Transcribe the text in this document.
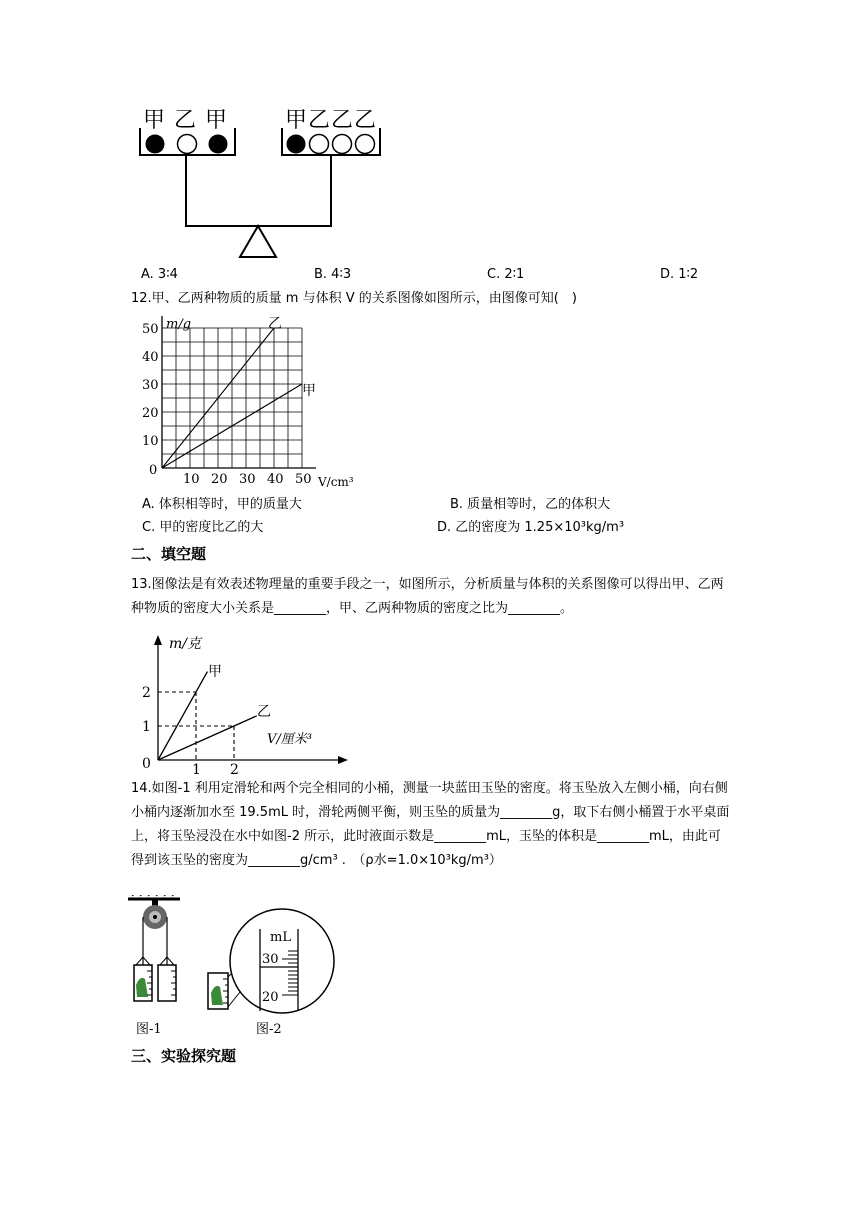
甲 乙 甲	甲 乙 乙 乙
A. 3∶4	B. 4∶3	C. 2∶1	D. 1∶2
12.甲、乙两种物质的质量 m 与体积 V 的关系图像如图所示，由图像可知(　)
0
m/g
V/cm³
乙
甲
10 20 30 40 50
10
20
30
40
50
A. 体积相等时，甲的质量大	B. 质量相等时，乙的体积大
C. 甲的密度比乙的大	D. 乙的密度为 1.25×10³kg/m³
二、填空题
13.图像法是有效表述物理量的重要手段之一，如图所示，分析质量与体积的关系图像可以得出甲、乙两种物质的密度大小关系是________，甲、乙两种物质的密度之比为________。
1 2
1
2
0
m/克
V/厘米³
甲
乙
14.如图-1 利用定滑轮和两个完全相同的小桶，测量一块蓝田玉坠的密度。将玉坠放入左侧小桶，向右侧小桶内逐渐加水至 19.5mL 时，滑轮两侧平衡，则玉坠的质量为________g，取下右侧小桶置于水平桌面上，将玉坠浸没在水中如图-2 所示，此时液面示数是________mL，玉坠的体积是________mL，由此可得到该玉坠的密度为________g/cm³ .　（ρ水=1.0×10³kg/m³）
图-1
mL
30
20
图-2
三、实验探究题
